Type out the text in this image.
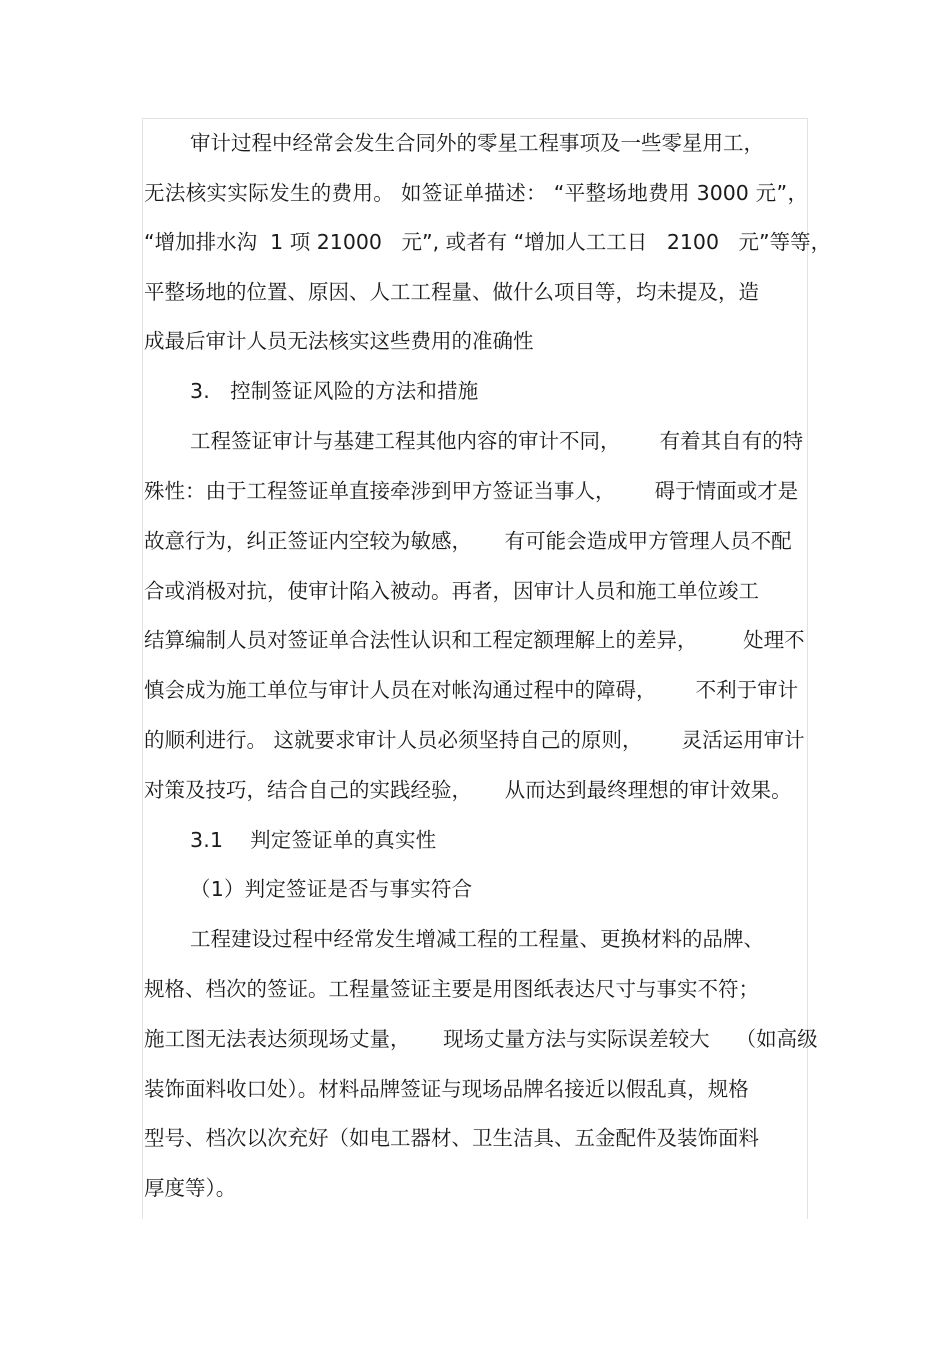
审计过程中经常会发生合同外的零星工程事项及一些零星用工，

无法核实实际发生的费用。 如签证单描述： “平整场地费用 3000 元”，

“增加排水沟  1 项 21000   元”, 或者有 “增加人工工日   2100   元”等等，

平整场地的位置、原因、人工工程量、做什么项目等，均未提及，造

成最后审计人员无法核实这些费用的准确性

3.   控制签证风险的方法和措施

工程签证审计与基建工程其他内容的审计不同，      有着其自有的特

殊性：由于工程签证单直接牵涉到甲方签证当事人，      碍于情面或才是

故意行为，纠正签证内空较为敏感，     有可能会造成甲方管理人员不配

合或消极对抗，使审计陷入被动。再者，因审计人员和施工单位竣工

结算编制人员对签证单合法性认识和工程定额理解上的差异，       处理不

慎会成为施工单位与审计人员在对帐沟通过程中的障碍，      不利于审计

的顺利进行。 这就要求审计人员必须坚持自己的原则，      灵活运用审计

对策及技巧，结合自己的实践经验，     从而达到最终理想的审计效果。

3.1    判定签证单的真实性

（1）判定签证是否与事实符合

工程建设过程中经常发生增减工程的工程量、更换材料的品牌、

规格、档次的签证。工程量签证主要是用图纸表达尺寸与事实不符；

施工图无法表达须现场丈量，     现场丈量方法与实际误差较大    （如高级

装饰面料收口处）。材料品牌签证与现场品牌名接近以假乱真，规格

型号、档次以次充好（如电工器材、卫生洁具、五金配件及装饰面料

厚度等）。
